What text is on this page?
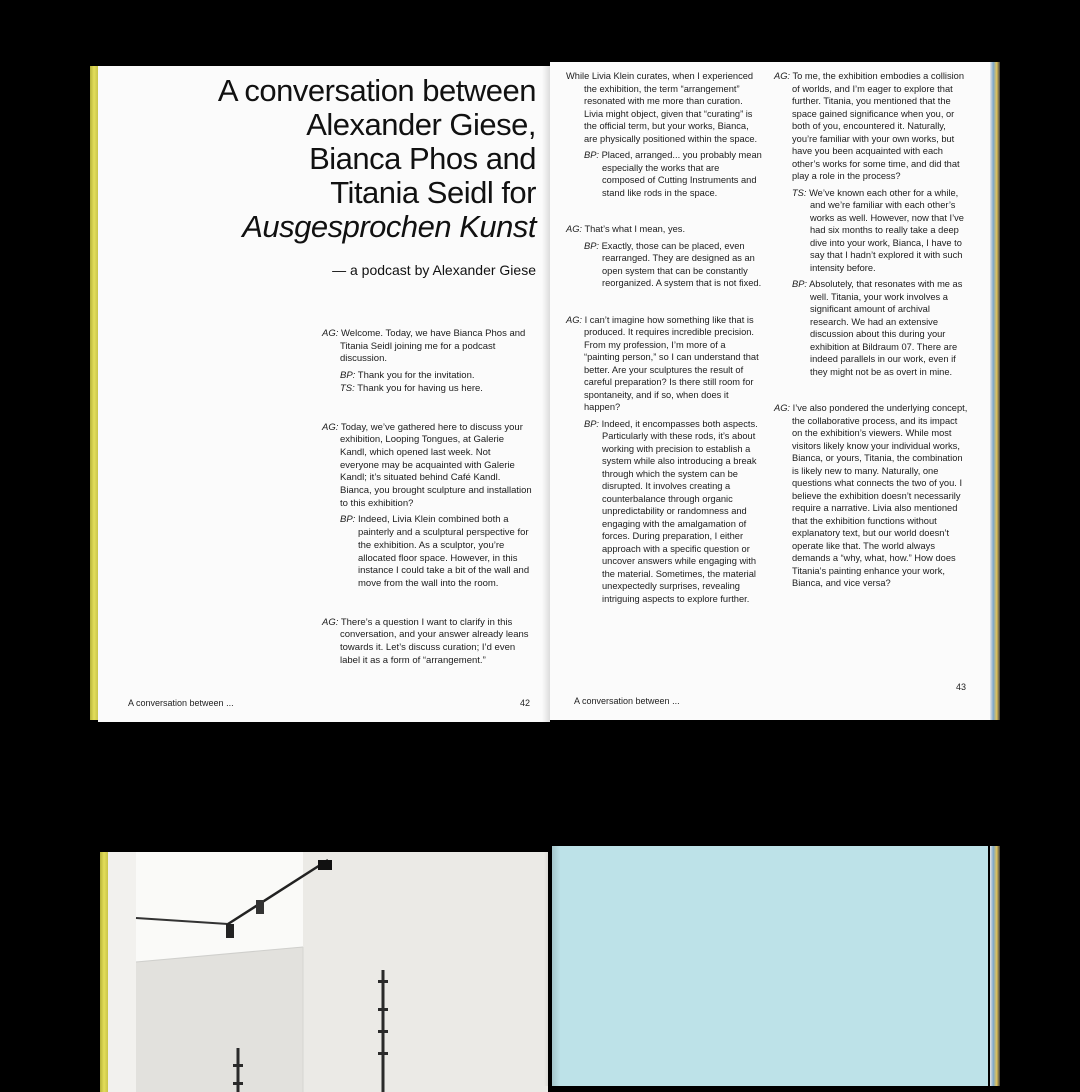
A conversation between
Alexander Giese,
Bianca Phos and
Titania Seidl for
Ausgesprochen Kunst
— a podcast by Alexander Giese

AG: Welcome. Today, we have Bianca Phos and Titania Seidl joining me for a podcast discussion.

BP: Thank you for the invitation.

TS: Thank you for having us here.

AG: Today, we’ve gathered here to discuss your exhibition, Looping Tongues, at Galerie Kandl, which opened last week. Not everyone may be acquainted with Galerie Kandl; it’s situated behind Café Kandl. Bianca, you brought sculpture and installation to this exhibition?

BP: Indeed, Livia Klein combined both a painterly and a sculptural perspective for the exhibition. As a sculptor, you’re allocated floor space. However, in this instance I could take a bit of the wall and move from the wall into the room.

AG: There’s a question I want to clarify in this conversation, and your answer already leans towards it. Let’s discuss curation; I’d even label it as a form of “arrangement.”

A conversation between ...	42

While Livia Klein curates, when I experienced the exhibition, the term “arrangement” resonated with me more than curation. Livia might object, given that “curating” is the official term, but your works, Bianca, are physically positioned within the space.

BP: Placed, arranged... you probably mean especially the works that are composed of Cutting Instruments and stand like rods in the space.

AG: That’s what I mean, yes.

BP: Exactly, those can be placed, even rearranged. They are designed as an open system that can be constantly reorganized. A system that is not fixed.

AG: I can’t imagine how something like that is produced. It requires incredible precision. From my profession, I’m more of a “painting person,” so I can understand that better. Are your sculptures the result of careful preparation? Is there still room for spontaneity, and if so, when does it happen?

BP: Indeed, it encompasses both aspects. Particularly with these rods, it’s about working with precision to establish a system while also introducing a break through which the system can be disrupted. It involves creating a counterbalance through organic unpredictability or randomness and engaging with the amalgamation of forces. During preparation, I either approach with a specific question or uncover answers while engaging with the material. Sometimes, the material unexpectedly surprises, revealing intriguing aspects to explore further.

AG: To me, the exhibition embodies a collision of worlds, and I’m eager to explore that further. Titania, you mentioned that the space gained significance when you, or both of you, encountered it. Naturally, you’re familiar with your own works, but have you been acquainted with each other’s works for some time, and did that play a role in the process?

TS: We’ve known each other for a while, and we’re familiar with each other’s works as well. However, now that I’ve had six months to really take a deep dive into your work, Bianca, I have to say that I hadn’t explored it with such intensity before.

BP: Absolutely, that resonates with me as well. Titania, your work involves a significant amount of archival research. We had an extensive discussion about this during your exhibition at Bildraum 07. There are indeed parallels in our work, even if they might not be as overt in mine.

AG: I’ve also pondered the underlying concept, the collaborative process, and its impact on the exhibition’s viewers. While most visitors likely know your individual works, Bianca, or yours, Titania, the combination is likely new to many. Naturally, one questions what connects the two of you. I believe the exhibition doesn’t necessarily require a narrative. Livia also mentioned that the exhibition functions without explanatory text, but our world doesn’t operate like that. The world always demands a “why, what, how.” How does Titania’s painting enhance your work, Bianca, and vice versa?

A conversation between ...
43
